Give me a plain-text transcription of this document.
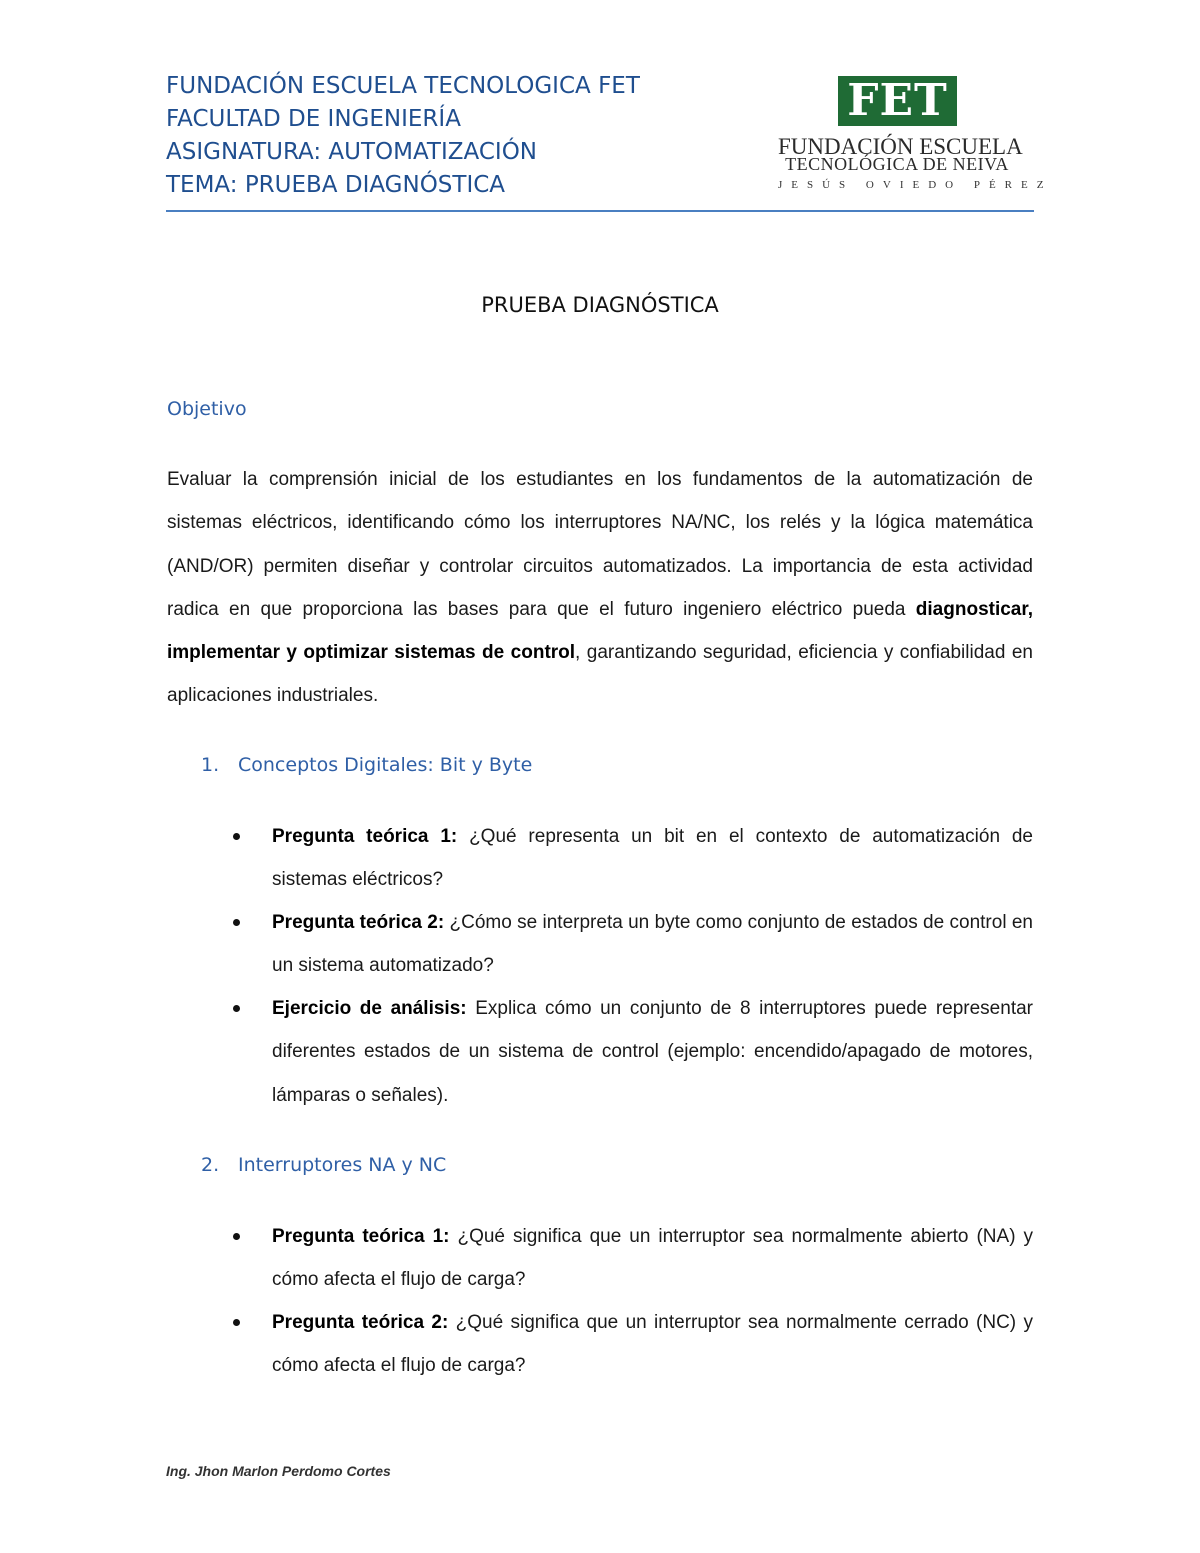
FUNDACIÓN ESCUELA TECNOLOGICA FET
FACULTAD DE INGENIERÍA
ASIGNATURA: AUTOMATIZACIÓN
TEMA: PRUEBA DIAGNÓSTICA
FET
FUNDACIÓN ESCUELA
TECNOLÓGICA DE NEIVA
JESÚS OVIEDO PÉREZ
PRUEBA DIAGNÓSTICA
Objetivo
Evaluar la comprensión inicial de los estudiantes en los fundamentos de la automatización de sistemas eléctricos, identificando cómo los interruptores NA/NC, los relés y la lógica matemática (AND/OR) permiten diseñar y controlar circuitos automatizados. La importancia de esta actividad radica en que proporciona las bases para que el futuro ingeniero eléctrico pueda diagnosticar, implementar y optimizar sistemas de control, garantizando seguridad, eficiencia y confiabilidad en aplicaciones industriales.
1. Conceptos Digitales: Bit y Byte
Pregunta teórica 1: ¿Qué representa un bit en el contexto de automatización de sistemas eléctricos?
Pregunta teórica 2: ¿Cómo se interpreta un byte como conjunto de estados de control en un sistema automatizado?
Ejercicio de análisis: Explica cómo un conjunto de 8 interruptores puede representar diferentes estados de un sistema de control (ejemplo: encendido/apagado de motores, lámparas o señales).
2. Interruptores NA y NC
Pregunta teórica 1: ¿Qué significa que un interruptor sea normalmente abierto (NA) y cómo afecta el flujo de carga?
Pregunta teórica 2: ¿Qué significa que un interruptor sea normalmente cerrado (NC) y cómo afecta el flujo de carga?
Ing. Jhon Marlon Perdomo Cortes
